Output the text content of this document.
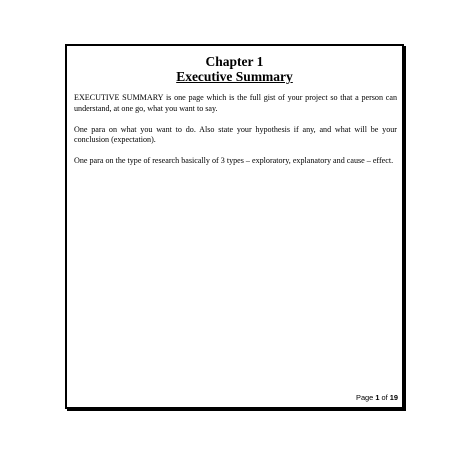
Chapter 1
Executive Summary

EXECUTIVE SUMMARY is one page which is the full gist of your project so that a person can understand, at one go, what you want to say.

One para on what you want to do. Also state your hypothesis if any, and what will be your conclusion (expectation).

One para on the type of research basically of 3 types – exploratory, explanatory and cause – effect.

Page 1 of 19
